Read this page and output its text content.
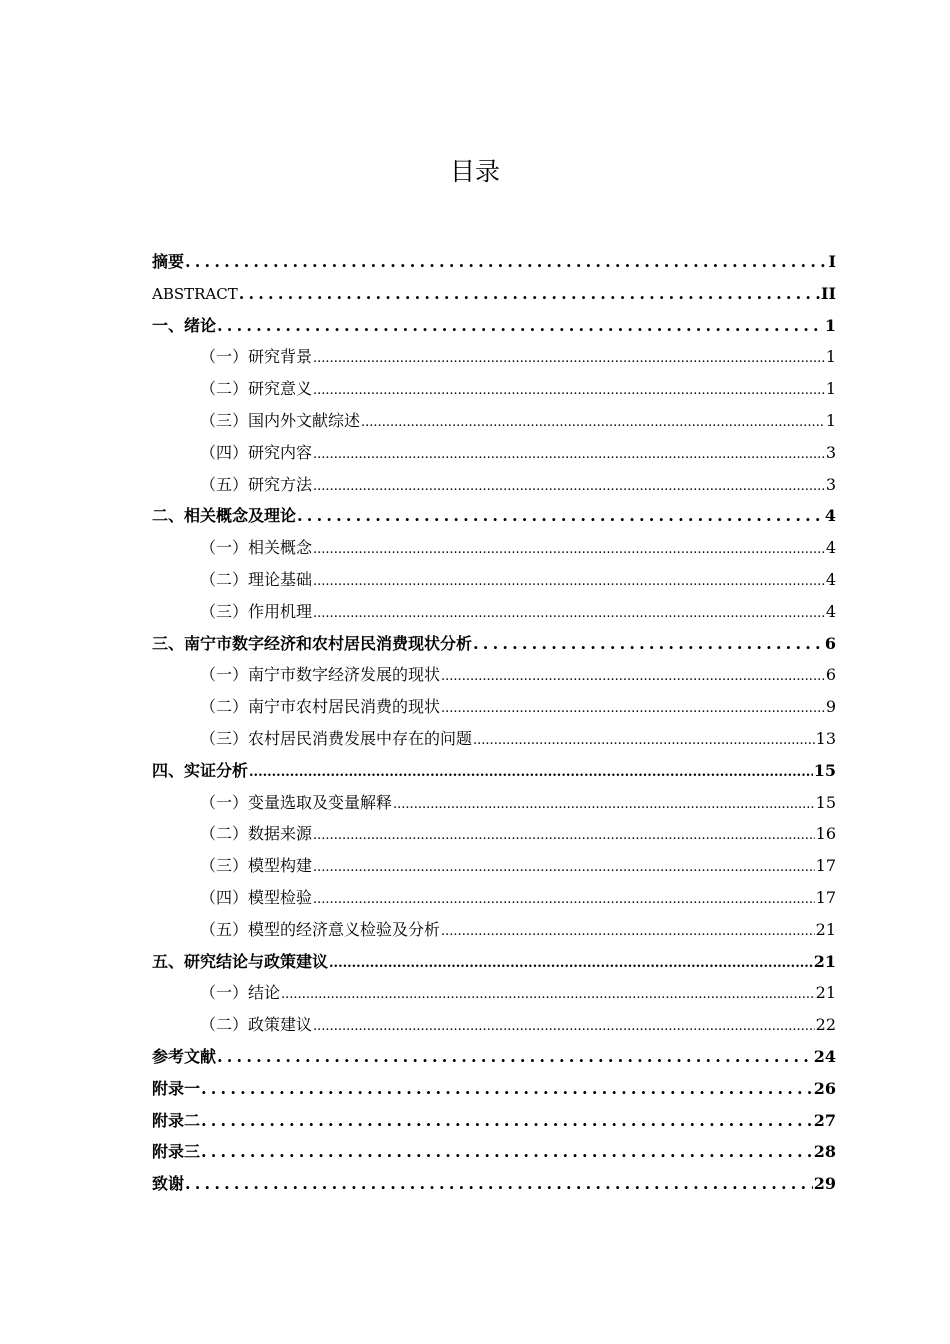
目录
摘要 .....	I
ABSTRACT .....	II
一、 绪论 .....	1
（一） 研究背景 .....	1
（二） 研究意义 .....	1
（三） 国内外文献综述 .....	1
（四） 研究内容 .....	3
（五） 研究方法 .....	3
二、 相关概念及理论 .....	4
（一） 相关概念 .....	4
（二） 理论基础 .....	4
（三） 作用机理 .....	4
三、 南宁市数字经济和农村居民消费现状分析 .....	6
（一） 南宁市数字经济发展的现状 .....	6
（二） 南宁市农村居民消费的现状 .....	9
（三） 农村居民消费发展中存在的问题 .....	13
四、 实证分析 .....	15
（一） 变量选取及变量解释 .....	15
（二） 数据来源 .....	16
（三） 模型构建 .....	17
（四） 模型检验 .....	17
（五） 模型的经济意义检验及分析 .....	21
五、 研究结论与政策建议 .....	21
（一） 结论 .....	21
（二） 政策建议 .....	22
参考文献 .....	24
附录一 .....	26
附录二 .....	27
附录三 .....	28
致谢 .....	29
